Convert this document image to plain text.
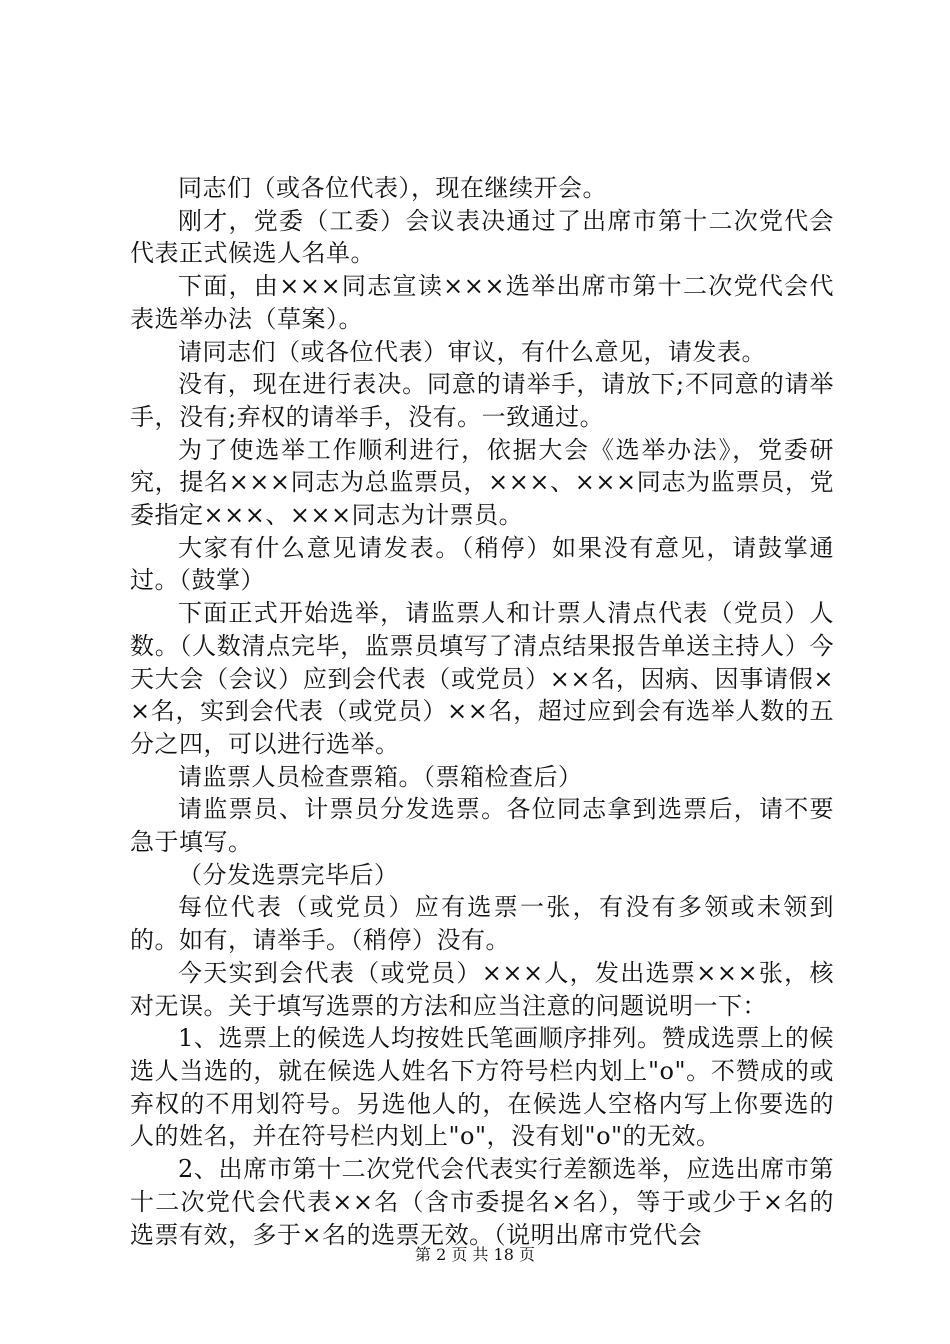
同志们（或各位代表），现在继续开会。

刚才，党委（工委）会议表决通过了出席市第十二次党代会代表正式候选人名单。

下面，由×××同志宣读×××选举出席市第十二次党代会代表选举办法（草案）。

请同志们（或各位代表）审议，有什么意见，请发表。

没有，现在进行表决。同意的请举手，请放下;不同意的请举手，没有;弃权的请举手，没有。一致通过。

为了使选举工作顺利进行，依据大会《选举办法》，党委研究，提名×××同志为总监票员，×××、×××同志为监票员，党委指定×××、×××同志为计票员。

大家有什么意见请发表。（稍停）如果没有意见，请鼓掌通过。（鼓掌）

下面正式开始选举，请监票人和计票人清点代表（党员）人数。（人数清点完毕，监票员填写了清点结果报告单送主持人）今天大会（会议）应到会代表（或党员）××名，因病、因事请假××名，实到会代表（或党员）××名，超过应到会有选举人数的五分之四，可以进行选举。

请监票人员检查票箱。（票箱检查后）

请监票员、计票员分发选票。各位同志拿到选票后，请不要急于填写。

（分发选票完毕后）

每位代表（或党员）应有选票一张，有没有多领或未领到的。如有，请举手。（稍停）没有。

今天实到会代表（或党员）×××人，发出选票×××张，核对无误。关于填写选票的方法和应当注意的问题说明一下：

1、选票上的候选人均按姓氏笔画顺序排列。赞成选票上的候选人当选的，就在候选人姓名下方符号栏内划上"o"。不赞成的或弃权的不用划符号。另选他人的，在候选人空格内写上你要选的人的姓名，并在符号栏内划上"o"，没有划"o"的无效。

2、出席市第十二次党代会代表实行差额选举，应选出席市第十二次党代会代表××名（含市委提名×名），等于或少于×名的选票有效，多于×名的选票无效。（说明出席市党代会

第 2 页 共 18 页
